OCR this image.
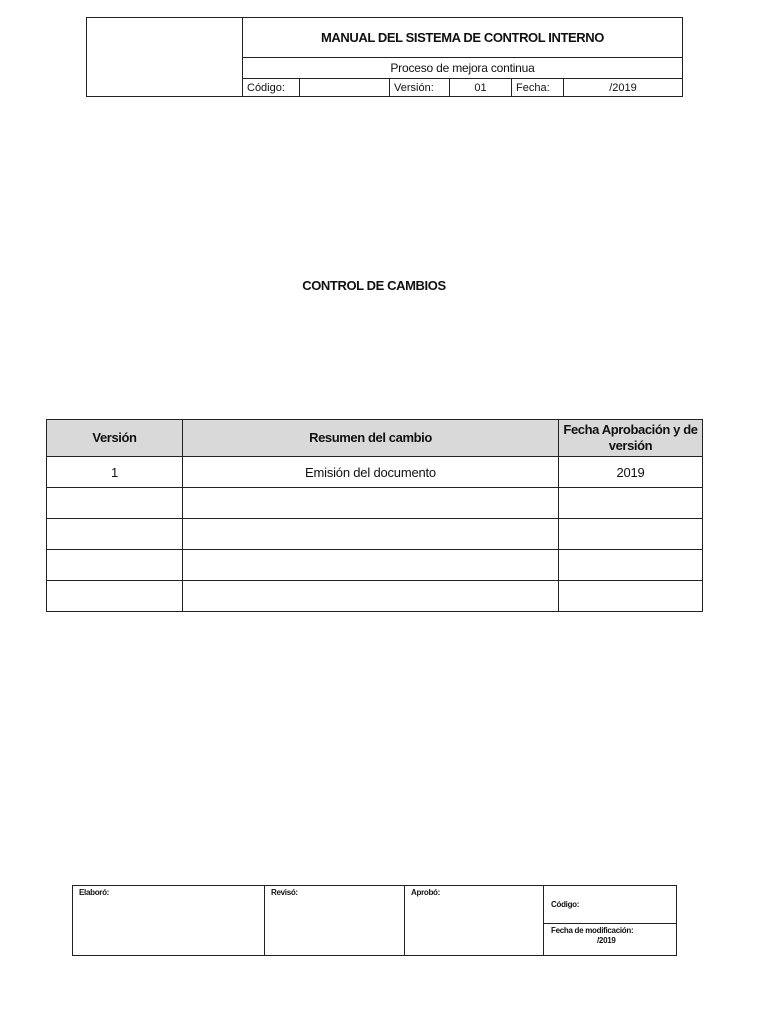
	MANUAL DEL SISTEMA DE CONTROL INTERNO					
	Proceso de mejora continua					
	Código:		Versión:	01	Fecha:	/2019
CONTROL DE CAMBIOS
Versión	Resumen del cambio	Fecha Aprobación y de versión
1	Emisión del documento	2019

Elaboró:	Revisó:	Aprobó:	Código:
Fecha de modificación:
/2019
